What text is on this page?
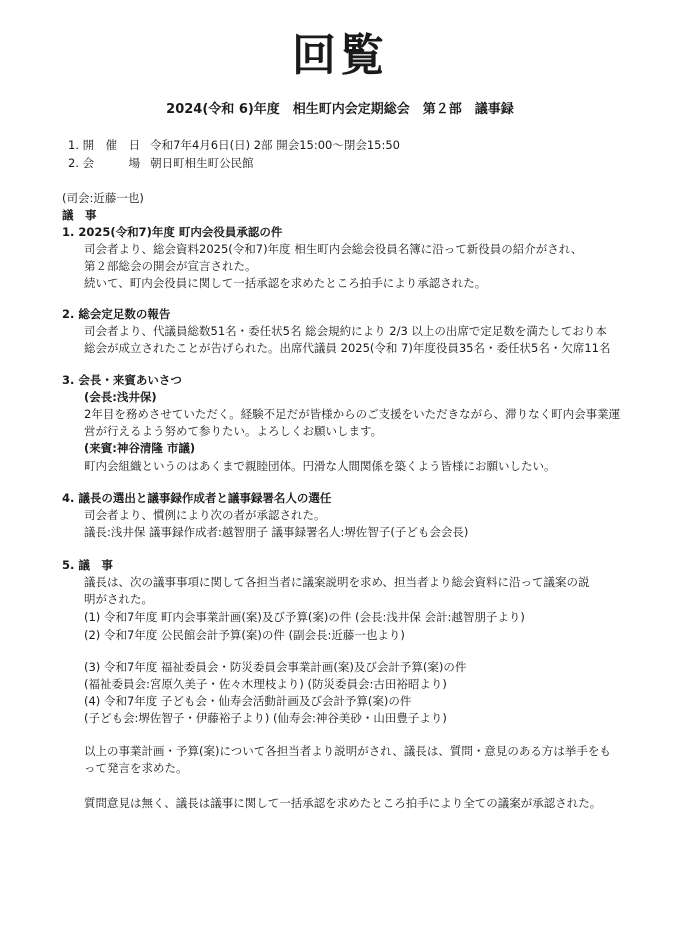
回覧
2024(令和 6)年度　相生町内会定期総会　第２部　議事録
1. 開　催　日 令和7年4月6日(日) 2部 開会15:00～閉会15:50
2. 会　　　場 朝日町相生町公民館
(司会:近藤一也)
議　事
1. 2025(令和7)年度 町内会役員承認の件
司会者より、総会資料2025(令和7)年度 相生町内会総会役員名簿に沿って新役員の紹介がされ、
第２部総会の開会が宣言された。
続いて、町内会役員に関して一括承認を求めたところ拍手により承認された。
2. 総会定足数の報告
司会者より、代議員総数51名・委任状5名 総会規約により 2/3 以上の出席で定足数を満たしており本
総会が成立されたことが告げられた。出席代議員 2025(令和 7)年度役員35名・委任状5名・欠席11名
3. 会長・来賓あいさつ
(会長:浅井保)
2年目を務めさせていただく。経験不足だが皆様からのご支援をいただきながら、滞りなく町内会事業運
営が行えるよう努めて参りたい。よろしくお願いします。
(来賓:神谷清隆 市議)
町内会組織というのはあくまで親睦団体。円滑な人間関係を築くよう皆様にお願いしたい。
4. 議長の選出と議事録作成者と議事録署名人の選任
司会者より、慣例により次の者が承認された。
議長:浅井保 議事録作成者:越智朋子 議事録署名人:堺佐智子(子ども会会長)
5. 議　事
議長は、次の議事事項に関して各担当者に議案説明を求め、担当者より総会資料に沿って議案の説
明がされた。
(1) 令和7年度 町内会事業計画(案)及び予算(案)の件 (会長:浅井保 会計:越智朋子より)
(2) 令和7年度 公民館会計予算(案)の件 (副会長:近藤一也より)
(3) 令和7年度 福祉委員会・防災委員会事業計画(案)及び会計予算(案)の件
(福祉委員会:宮原久美子・佐々木理枝より) (防災委員会:古田裕昭より)
(4) 令和7年度 子ども会・仙寿会活動計画及び会計予算(案)の件
(子ども会:堺佐智子・伊藤裕子より) (仙寿会:神谷美砂・山田豊子より)
以上の事業計画・予算(案)について各担当者より説明がされ、議長は、質問・意見のある方は挙手をも
って発言を求めた。
質問意見は無く、議長は議事に関して一括承認を求めたところ拍手により全ての議案が承認された。
